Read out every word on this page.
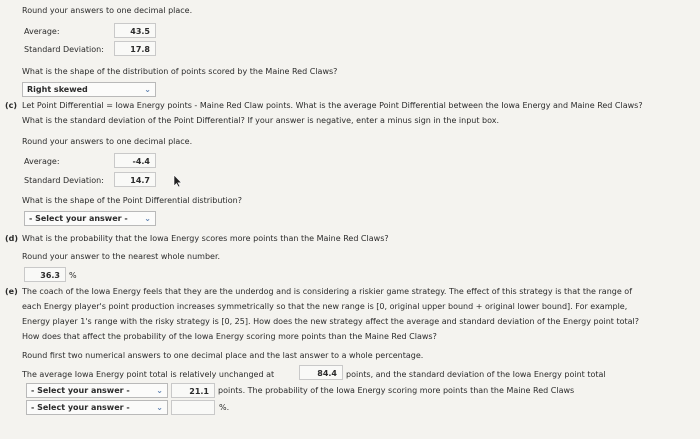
Round your answers to one decimal place.
Average:	43.5
Standard Deviation:	17.8
What is the shape of the distribution of points scored by the Maine Red Claws?
Right skewed	⌄
(c) Let Point Differential = Iowa Energy points - Maine Red Claw points. What is the average Point Differential between the Iowa Energy and Maine Red Claws?
What is the standard deviation of the Point Differential? If your answer is negative, enter a minus sign in the input box.
Round your answers to one decimal place.
Average:	-4.4
Standard Deviation:	14.7
What is the shape of the Point Differential distribution?
- Select your answer - ⌄
(d) What is the probability that the Iowa Energy scores more points than the Maine Red Claws?
Round your answer to the nearest whole number.
36.3	%
(e) The coach of the Iowa Energy feels that they are the underdog and is considering a riskier game strategy. The effect of this strategy is that the range of
each Energy player's point production increases symmetrically so that the new range is [0, original upper bound + original lower bound]. For example,
Energy player 1's range with the risky strategy is [0, 25]. How does the new strategy affect the average and standard deviation of the Energy point total?
How does that affect the probability of the Iowa Energy scoring more points than the Maine Red Claws?
Round first two numerical answers to one decimal place and the last answer to a whole percentage.
The average Iowa Energy point total is relatively unchanged at	84.4	points, and the standard deviation of the Iowa Energy point total
- Select your answer -	⌄	21.1	points. The probability of the Iowa Energy scoring more points than the Maine Red Claws
- Select your answer -	⌄	%.
